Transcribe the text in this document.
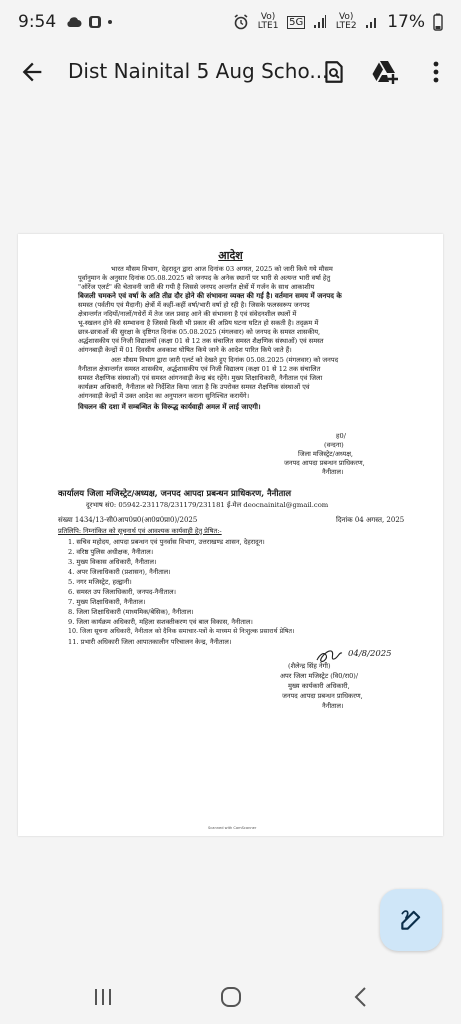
9:54	Vo) LTE1 5G	Vo) LTE2 17%
Dist Nainital 5 Aug Scho...
आदेश
भारत मौसम विभाग, देहरादून द्वारा आज दिनांक 03 अगस्त, 2025 को जारी किये गये मौसम
पूर्वानुमान के अनुसार दिनांक 05.08.2025 को जनपद के अनेक स्थानों पर भारी से अत्यन्त भारी वर्षा हेतु
"ऑरेंज एलर्ट" की चेतावनी जारी की गयी है जिससे जनपद अन्तर्गत क्षेत्रों में गर्जन के साथ आकाशीय
बिजली चमकने एवं वर्षा के अति तीव्र दौर होने की संभावना व्यक्त की गई है। वर्तमान समय में जनपद के
समस्त (पर्वतीय एवं मैदानी) क्षेत्रों में कहीं-कहीं वर्षा/भारी वर्षा हो रही है। जिसके फलस्वरूप जनपद
क्षेत्रान्तर्गत नदियों/नालों/गधेरों में तेज जल प्रवाह आने की संभावना है एवं संवेदनशील स्थलों में
भू-स्खलन होने की सम्भावना है जिससे किसी भी प्रकार की अप्रिय घटना घटित हो सकती है। तद्क्रम में
छात्र-छात्राओं की सुरक्षा के दृष्टिगत दिनांक 05.08.2025 (मंगलवार) को जनपद के समस्त शासकीय,
अर्द्धशासकीय एवं निजी विद्यालयों (कक्षा 01 से 12 तक संचालित समस्त शैक्षणिक संस्थाओं) एवं समस्त
आंगनबाड़ी केन्द्रों में 01 दिवसीय अवकाश घोषित किये जाने के आदेश पारित किये जाते हैं।
अतः मौसम विभाग द्वारा जारी एलर्ट को देखते हुए दिनांक 05.08.2025 (मंगलवार) को जनपद
नैनीताल क्षेत्रान्तर्गत समस्त शासकीय, अर्द्धशासकीय एवं निजी विद्यालय (कक्षा 01 से 12 तक संचालित
समस्त शैक्षणिक संस्थाओं) एवं समस्त आंगनवाड़ी केन्द्र बंद रहेंगे। मुख्य शिक्षाधिकारी, नैनीताल एवं जिला
कार्यक्रम अधिकारी, नैनीताल को निर्देशित किया जाता है कि उपरोक्त समस्त शैक्षणिक संस्थाओं एवं
आंगनवाड़ी केन्द्रों में उक्त आदेश का अनुपालन कराना सुनिश्चित करायेंगे।
विचलन की दशा में सम्बन्धित के विरूद्ध कार्यवाही अमल में लाई जाएगी।
ह0/
(वन्दना)
जिला मजिस्ट्रेट/अध्यक्ष,
जनपद आपदा प्रबन्धन प्राधिकरण,
नैनीताल।
कार्यालय जिला मजिस्ट्रेट/अध्यक्ष, जनपद आपदा प्रबन्धन प्राधिकरण, नैनीताल
दूरभाष सं0: 05942-231178/231179/231181 ई-मेल deocnainital@gmail.com
संख्या 1434/13-सी0आप0प्र0(आ0प्र0प्रा0)/2025	दिनांक 04 अगस्त, 2025
प्रतिलिपि: निम्नांकित को सूचनार्थ एवं आवश्यक कार्यवाही हेतु प्रेषित:-
1. सचिव महोदय, आपदा प्रबन्धन एवं पुनर्वास विभाग, उत्तराखण्ड शासन, देहरादून।
2. वरिष्ठ पुलिस अधीक्षक, नैनीताल।
3. मुख्य विकास अधिकारी, नैनीताल।
4. अपर जिलाधिकारी (प्रशासन), नैनीताल।
5. नगर मजिस्ट्रेट, हल्द्वानी।
6. समस्त उप जिलाधिकारी, जनपद-नैनीताल।
7. मुख्य शिक्षाधिकारी, नैनीताल।
8. जिला शिक्षाधिकारी (माध्यमिक/बेसिक), नैनीताल।
9. जिला कार्यक्रम अधिकारी, महिला सशक्तीकरण एवं बाल विकास, नैनीताल।
10. जिला सूचना अधिकारी, नैनीताल को दैनिक समाचार-पत्रों के माध्यम से निःशुल्क प्रसारार्थ प्रेषित।
11. प्रभारी अधिकारी जिला आपातकालीन परिचालन केन्द्र, नैनीताल।
04/8/2025
(शैलेन्द्र सिंह नेगी)
अपर जिला मजिस्ट्रेट (वि0/रा0)/
मुख्य कार्यकारी अधिकारी,
जनपद आपदा प्रबन्धन प्राधिकरण,
नैनीताल।
Scanned with CamScanner
